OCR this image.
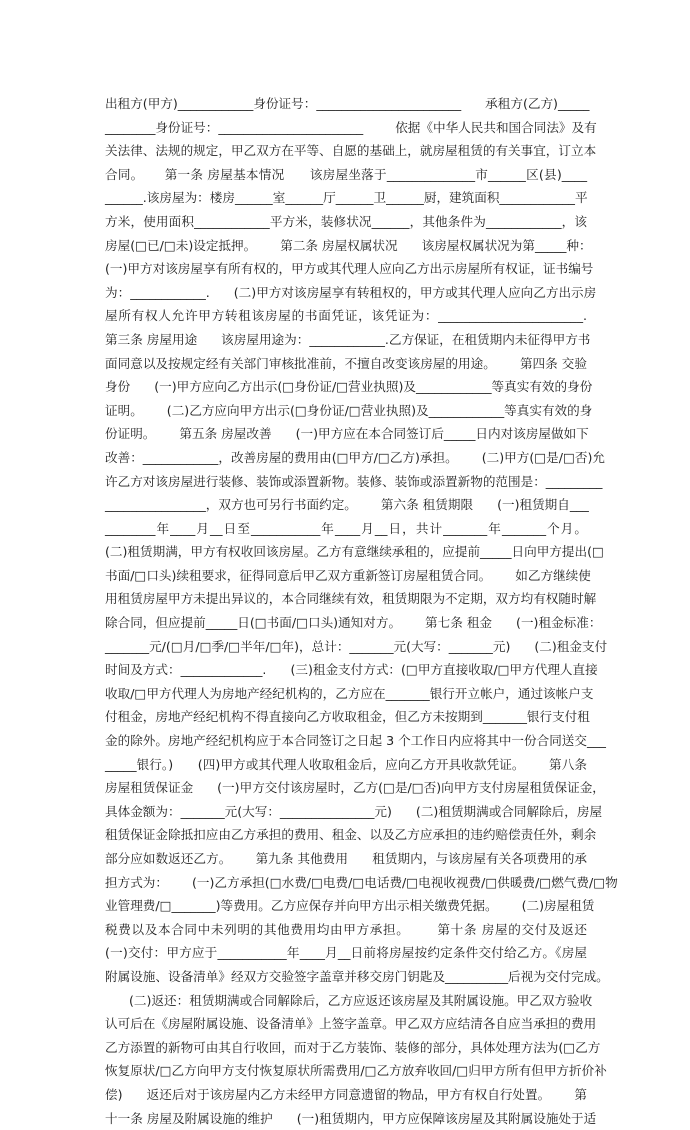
出租方(甲方)____________身份证号：_______________________      承租方(乙方)_____
________身份证号：_______________________        依据《中华人民共和国合同法》及有
关法律、法规的规定，甲乙双方在平等、自愿的基础上，就房屋租赁的有关事宜，订立本
合同。     第一条 房屋基本情况      该房屋坐落于______________市______区(县)____
______.该房屋为：楼房______室______厅______卫______厨，建筑面积____________平
方米，使用面积____________平方米，装修状况______，其他条件为____________，该
房屋(□已/□未)设定抵押。      第二条 房屋权属状况      该房屋权属状况为第_____种：
(一)甲方对该房屋享有所有权的，甲方或其代理人应向乙方出示房屋所有权证，证书编号
为：____________.      (二)甲方对该房屋享有转租权的，甲方或其代理人应向乙方出示房
屋所有权人允许甲方转租该房屋的书面凭证，该凭证为：_______________________.
第三条 房屋用途      该房屋用途为：____________.乙方保证，在租赁期内未征得甲方书
面同意以及按规定经有关部门审核批准前，不擅自改变该房屋的用途。      第四条 交验
身份      (一)甲方应向乙方出示(□身份证/□营业执照)及____________等真实有效的身份
证明。      (二)乙方应向甲方出示(□身份证/□营业执照)及____________等真实有效的身
份证明。      第五条 房屋改善      (一)甲方应在本合同签订后_____日内对该房屋做如下
改善：____________，改善房屋的费用由(□甲方/□乙方)承担。      (二)甲方(□是/□否)允
许乙方对该房屋进行装修、装饰或添置新物。装修、装饰或添置新物的范围是：_________
________________，双方也可另行书面约定。      第六条 租赁期限      (一)租赁期自___
________年____月__日至___________年____月__日，共计_______年_______个月。
(二)租赁期满，甲方有权收回该房屋。乙方有意继续承租的，应提前_____日向甲方提出(□
书面/□口头)续租要求，征得同意后甲乙双方重新签订房屋租赁合同。      如乙方继续使
用租赁房屋甲方未提出异议的，本合同继续有效，租赁期限为不定期，双方均有权随时解
除合同，但应提前_____日(□书面/□口头)通知对方。      第七条 租金      (一)租金标准：
_______元/(□月/□季/□半年/□年)，总计：_______元(大写：_______元)      (二)租金支付
时间及方式：_____________.      (三)租金支付方式：(□甲方直接收取/□甲方代理人直接
收取/□甲方代理人为房地产经纪机构的，乙方应在_______银行开立帐户，通过该帐户支
付租金，房地产经纪机构不得直接向乙方收取租金，但乙方未按期到_______银行支付租
金的除外。房地产经纪机构应于本合同签订之日起 3 个工作日内应将其中一份合同送交___
_____银行。)      (四)甲方或其代理人收取租金后，应向乙方开具收款凭证。      第八条
房屋租赁保证金      (一)甲方交付该房屋时，乙方(□是/□否)向甲方支付房屋租赁保证金，
具体金额为：_______元(大写：_______________元)      (二)租赁期满或合同解除后，房屋
租赁保证金除抵扣应由乙方承担的费用、租金、以及乙方应承担的违约赔偿责任外，剩余
部分应如数返还乙方。      第九条 其他费用      租赁期内，与该房屋有关各项费用的承
担方式为：      (一)乙方承担(□水费/□电费/□电话费/□电视收视费/□供暖费/□燃气费/□物
业管理费/□_______)等费用。乙方应保存并向甲方出示相关缴费凭据。      (二)房屋租赁
税费以及本合同中未列明的其他费用均由甲方承担。      第十条 房屋的交付及返还
(一)交付：甲方应于___________年____月__日前将房屋按约定条件交付给乙方。《房屋
附属设施、设备清单》经双方交验签字盖章并移交房门钥匙及__________后视为交付完成。
(二)返还：租赁期满或合同解除后，乙方应返还该房屋及其附属设施。甲乙双方验收
认可后在《房屋附属设施、设备清单》上签字盖章。甲乙双方应结清各自应当承担的费用
乙方添置的新物可由其自行收回，而对于乙方装饰、装修的部分，具体处理方法为(□乙方
恢复原状/□乙方向甲方支付恢复原状所需费用/□乙方放弃收回/□归甲方所有但甲方折价补
偿)      返还后对于该房屋内乙方未经甲方同意遗留的物品，甲方有权自行处置。      第
十一条 房屋及附属设施的维护      (一)租赁期内，甲方应保障该房屋及其附属设施处于适
